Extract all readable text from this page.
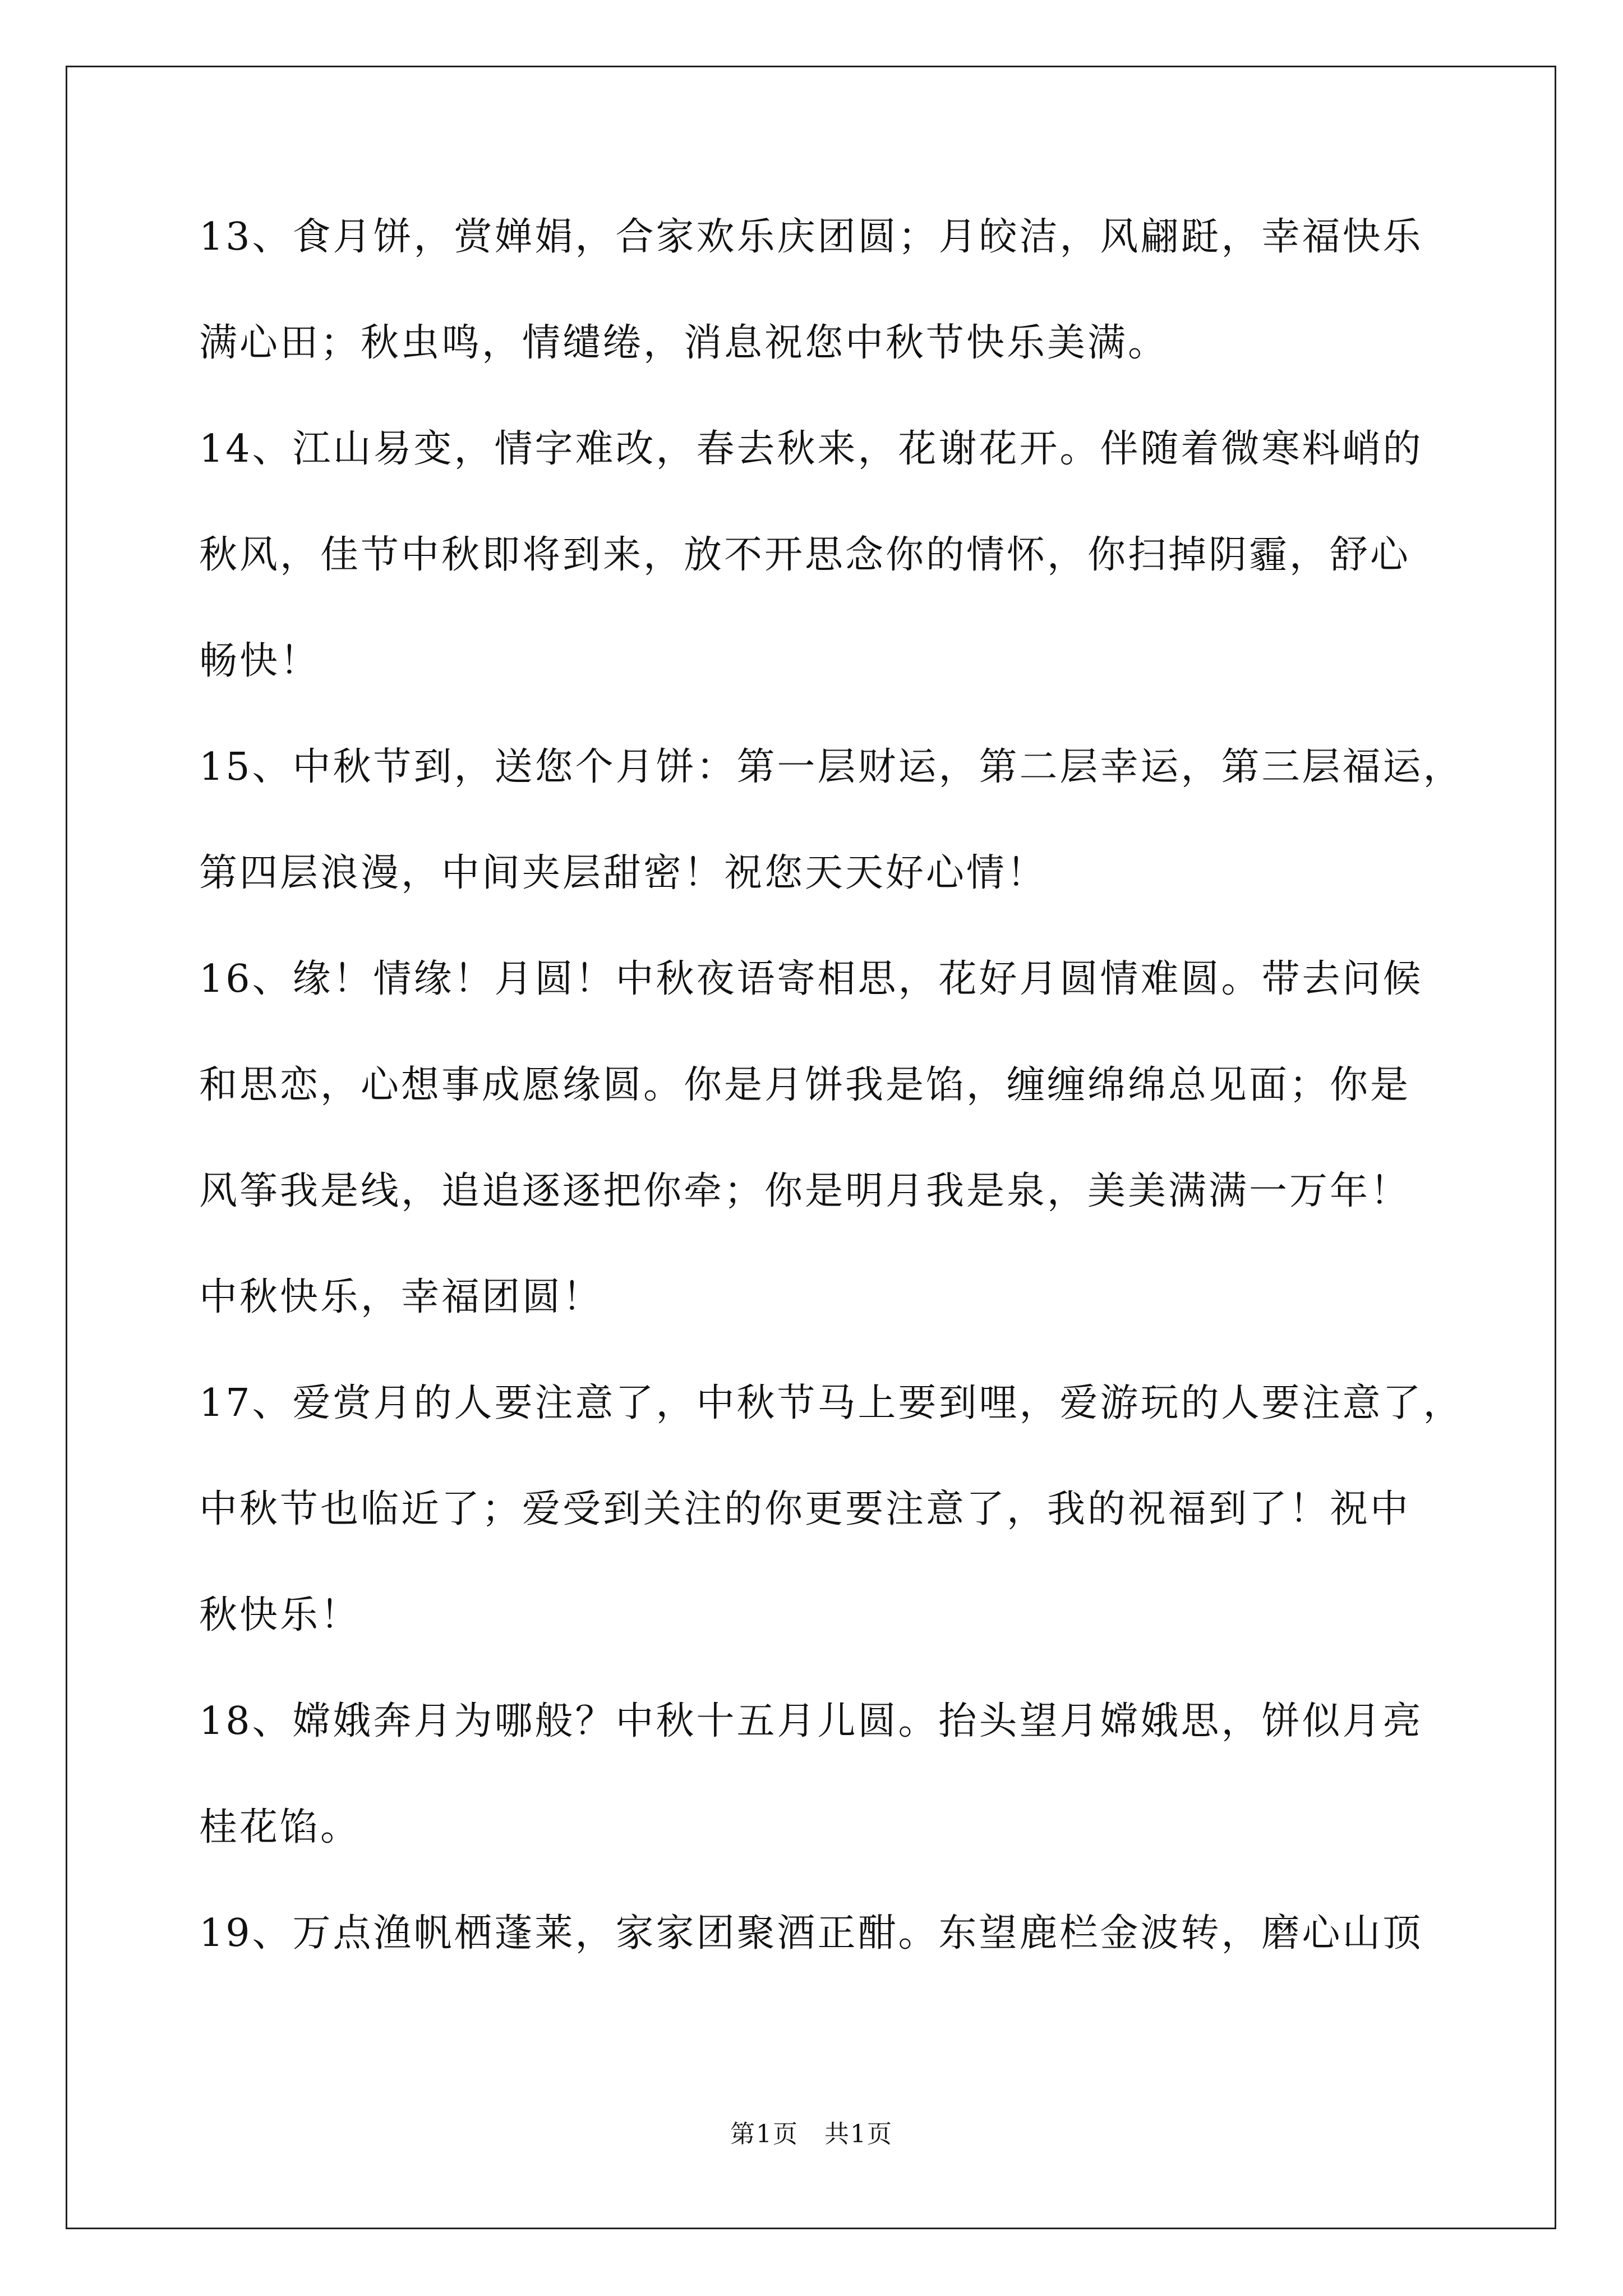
13、食月饼，赏婵娟，合家欢乐庆团圆；月皎洁，风翩跹，幸福快乐
满心田；秋虫鸣，情缱绻，消息祝您中秋节快乐美满。
14、江山易变，情字难改，春去秋来，花谢花开。伴随着微寒料峭的
秋风，佳节中秋即将到来，放不开思念你的情怀，你扫掉阴霾，舒心
畅快！
15、中秋节到，送您个月饼：第一层财运，第二层幸运，第三层福运，
第四层浪漫，中间夹层甜密！祝您天天好心情！
16、缘！情缘！月圆！中秋夜语寄相思，花好月圆情难圆。带去问候
和思恋，心想事成愿缘圆。你是月饼我是馅，缠缠绵绵总见面；你是
风筝我是线，追追逐逐把你牵；你是明月我是泉，美美满满一万年！
中秋快乐，幸福团圆！
17、爱赏月的人要注意了，中秋节马上要到哩，爱游玩的人要注意了，
中秋节也临近了；爱受到关注的你更要注意了，我的祝福到了！祝中
秋快乐！
18、嫦娥奔月为哪般？中秋十五月儿圆。抬头望月嫦娥思，饼似月亮
桂花馅。
19、万点渔帆栖蓬莱，家家团聚酒正酣。东望鹿栏金波转，磨心山顶
第1页　共1页
